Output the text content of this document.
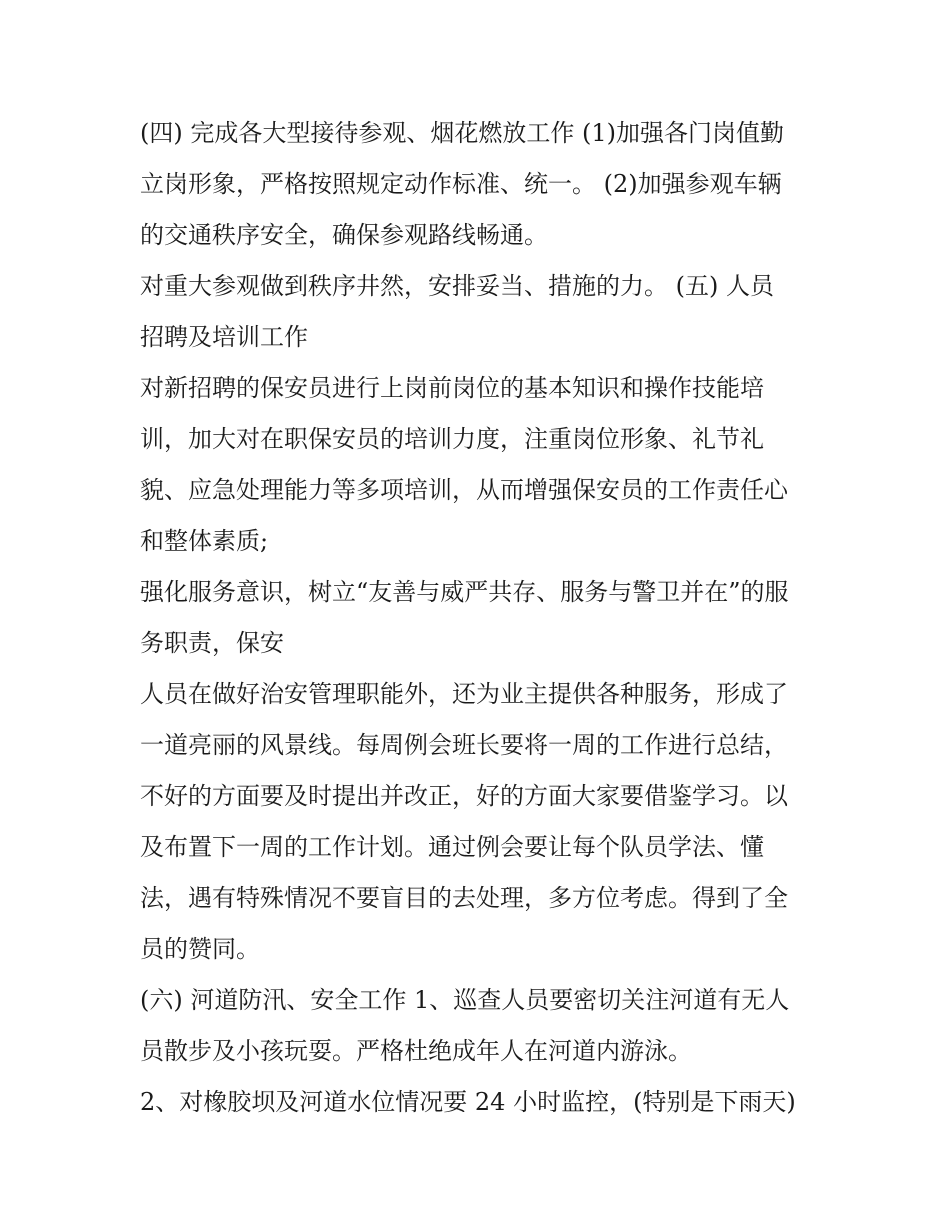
(四) 完成各大型接待参观、烟花燃放工作 (1)加强各门岗值勤
立岗形象，严格按照规定动作标准、统一。 (2)加强参观车辆
的交通秩序安全，确保参观路线畅通。

对重大参观做到秩序井然，安排妥当、措施的力。 (五) 人员
招聘及培训工作

对新招聘的保安员进行上岗前岗位的基本知识和操作技能培
训，加大对在职保安员的培训力度，注重岗位形象、礼节礼
貌、应急处理能力等多项培训，从而增强保安员的工作责任心
和整体素质;

强化服务意识，树立“友善与威严共存、服务与警卫并在”的服
务职责，保安

人员在做好治安管理职能外，还为业主提供各种服务，形成了
一道亮丽的风景线。每周例会班长要将一周的工作进行总结，
不好的方面要及时提出并改正，好的方面大家要借鉴学习。以
及布置下一周的工作计划。通过例会要让每个队员学法、懂
法，遇有特殊情况不要盲目的去处理，多方位考虑。得到了全
员的赞同。

(六) 河道防汛、安全工作 1、巡查人员要密切关注河道有无人
员散步及小孩玩耍。严格杜绝成年人在河道内游泳。

2、对橡胶坝及河道水位情况要 24 小时监控，(特别是下雨天)
